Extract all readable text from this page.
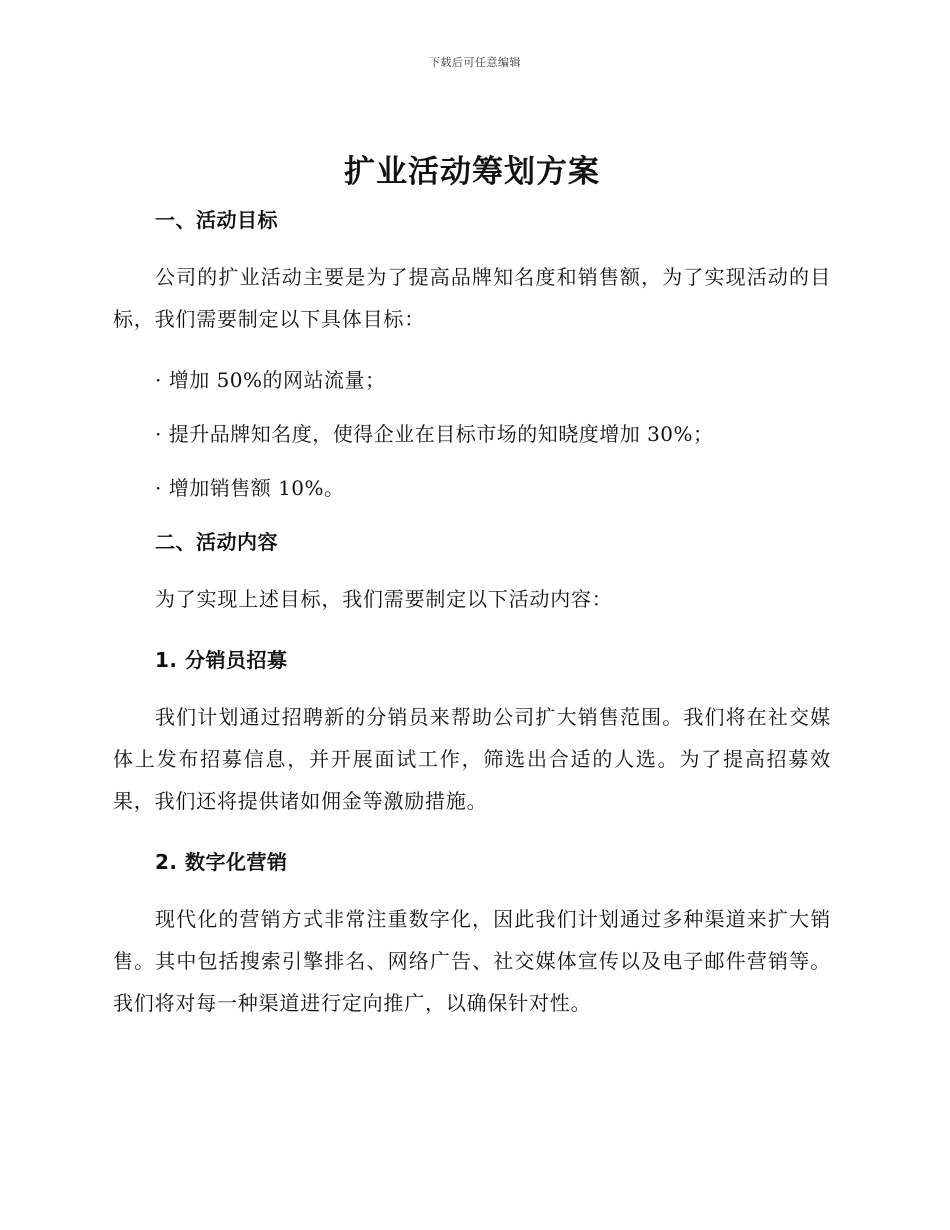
下载后可任意编辑
扩业活动筹划方案
一、活动目标

公司的扩业活动主要是为了提高品牌知名度和销售额，为了实现活动的目标，我们需要制定以下具体目标：

· 增加 50%的网站流量；

· 提升品牌知名度，使得企业在目标市场的知晓度增加 30%；

· 增加销售额 10%。

二、活动内容

为了实现上述目标，我们需要制定以下活动内容：

1. 分销员招募

我们计划通过招聘新的分销员来帮助公司扩大销售范围。我们将在社交媒体上发布招募信息，并开展面试工作，筛选出合适的人选。为了提高招募效果，我们还将提供诸如佣金等激励措施。

2. 数字化营销

现代化的营销方式非常注重数字化，因此我们计划通过多种渠道来扩大销售。其中包括搜索引擎排名、网络广告、社交媒体宣传以及电子邮件营销等。我们将对每一种渠道进行定向推广，以确保针对性。
